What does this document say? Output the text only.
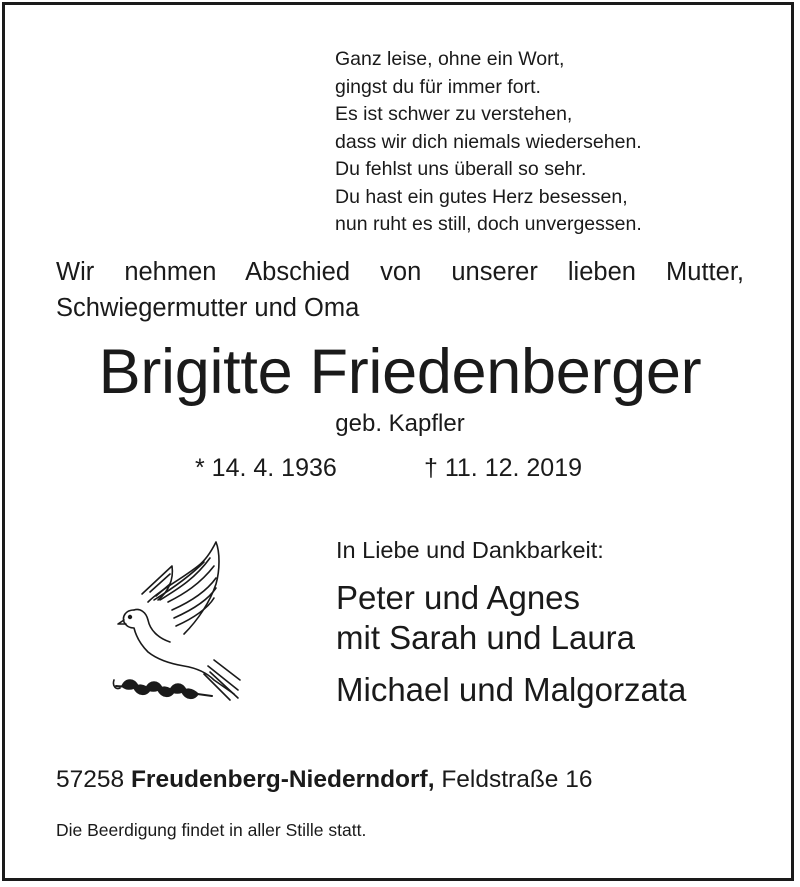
Ganz leise, ohne ein Wort,
gingst du für immer fort.
Es ist schwer zu verstehen,
dass wir dich niemals wiedersehen.
Du fehlst uns überall so sehr.
Du hast ein gutes Herz besessen,
nun ruht es still, doch unvergessen.
Wir nehmen Abschied von unserer lieben Mutter,
Schwiegermutter und Oma
Brigitte Friedenberger
geb. Kapfler
* 14. 4. 1936	† 11. 12. 2019
In Liebe und Dankbarkeit:
Peter und Agnes
mit Sarah und Laura
Michael und Malgorzata
57258 Freudenberg-Niederndorf, Feldstraße 16
Die Beerdigung findet in aller Stille statt.
